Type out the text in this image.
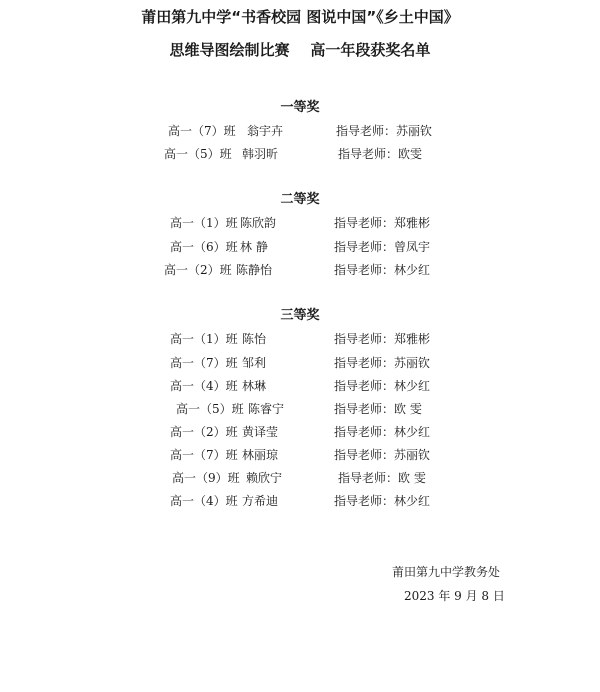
莆田第九中学“书香校园 图说中国”《乡土中国》
思维导图绘制比赛    高一年段获奖名单
一等奖
高一（7）班 翁宇卉	指导老师：苏丽钦
高一（5）班 韩羽昕	指导老师：欧雯
二等奖
高一（1）班 陈欣韵	指导老师：郑雅彬
高一（6）班 林 静	指导老师：曾凤宇
高一（2）班 陈静怡	指导老师：林少红
三等奖
高一（1）班 陈怡	指导老师：郑雅彬
高一（7）班 邹利	指导老师：苏丽钦
高一（4）班 林琳	指导老师：林少红
高一（5）班 陈睿宁	指导老师：欧 雯
高一（2）班 黄译莹	指导老师：林少红
高一（7）班 林丽琼	指导老师：苏丽钦
高一（9）班 赖欣宁	指导老师：欧 雯
高一（4）班 方希迪	指导老师：林少红
莆田第九中学教务处
2023 年 9 月 8 日
